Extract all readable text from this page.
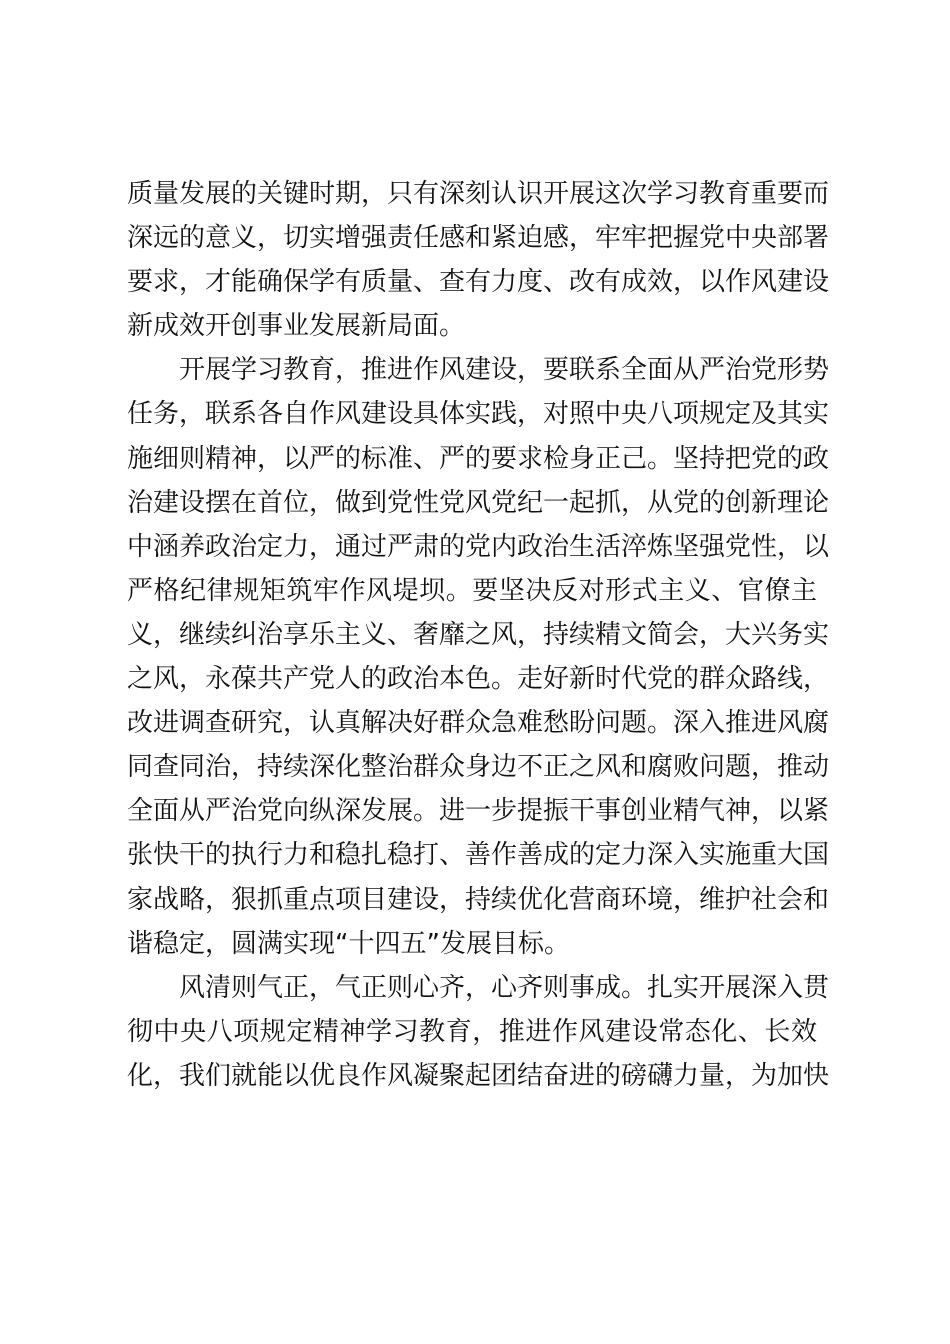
质量发展的关键时期，只有深刻认识开展这次学习教育重要而
深远的意义，切实增强责任感和紧迫感，牢牢把握党中央部署
要求，才能确保学有质量、查有力度、改有成效，以作风建设
新成效开创事业发展新局面。
开展学习教育，推进作风建设，要联系全面从严治党形势
任务，联系各自作风建设具体实践，对照中央八项规定及其实
施细则精神，以严的标准、严的要求检身正己。坚持把党的政
治建设摆在首位，做到党性党风党纪一起抓，从党的创新理论
中涵养政治定力，通过严肃的党内政治生活淬炼坚强党性，以
严格纪律规矩筑牢作风堤坝。要坚决反对形式主义、官僚主
义，继续纠治享乐主义、奢靡之风，持续精文简会，大兴务实
之风，永葆共产党人的政治本色。走好新时代党的群众路线，
改进调查研究，认真解决好群众急难愁盼问题。深入推进风腐
同查同治，持续深化整治群众身边不正之风和腐败问题，推动
全面从严治党向纵深发展。进一步提振干事创业精气神，以紧
张快干的执行力和稳扎稳打、善作善成的定力深入实施重大国
家战略，狠抓重点项目建设，持续优化营商环境，维护社会和
谐稳定，圆满实现“十四五”发展目标。
风清则气正，气正则心齐，心齐则事成。扎实开展深入贯
彻中央八项规定精神学习教育，推进作风建设常态化、长效
化，我们就能以优良作风凝聚起团结奋进的磅礴力量，为加快
